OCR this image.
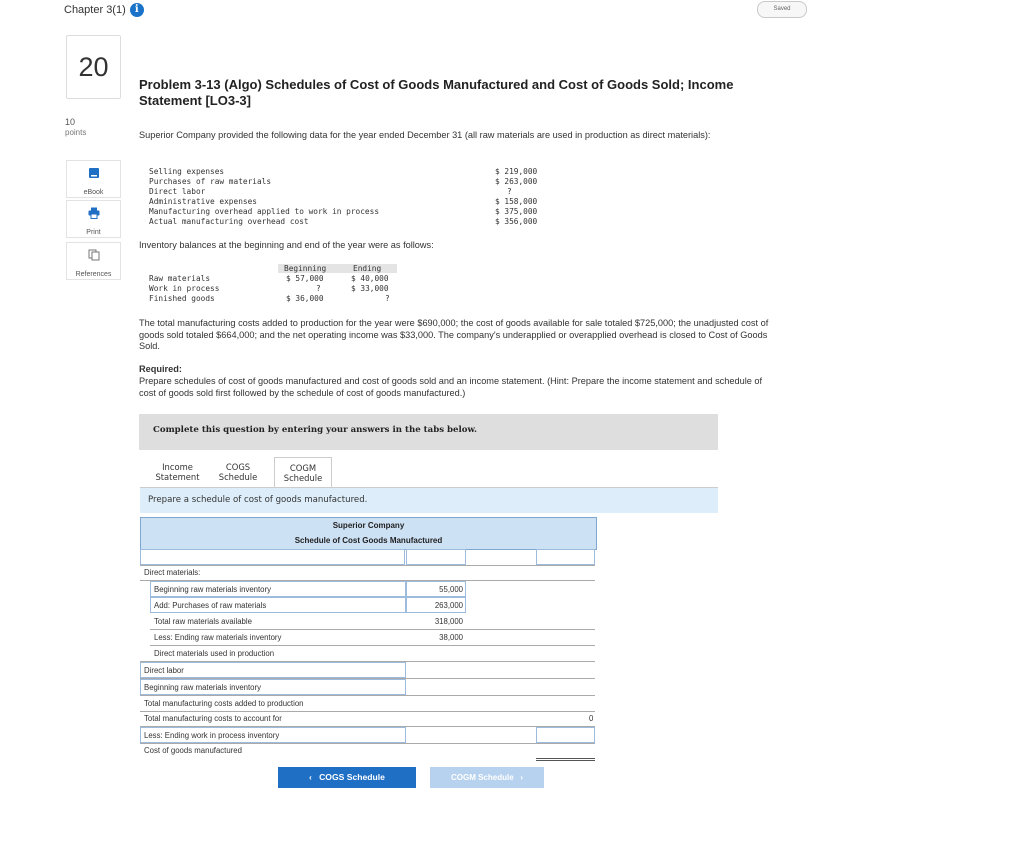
Chapter 3(1) i	Saved
20
10
points
eBook
Print
References
Problem 3-13 (Algo) Schedules of Cost of Goods Manufactured and Cost of Goods Sold; Income Statement [LO3-3]
Superior Company provided the following data for the year ended December 31 (all raw materials are used in production as direct materials):
Selling expenses	$ 219,000
Purchases of raw materials	$ 263,000
Direct labor	?
Administrative expenses	$ 158,000
Manufacturing overhead applied to work in process	$ 375,000
Actual manufacturing overhead cost	$ 356,000
Inventory balances at the beginning and end of the year were as follows:
Beginning	Ending
Raw materials	$ 57,000	$ 40,000
Work in process	?	$ 33,000
Finished goods	$ 36,000	?
The total manufacturing costs added to production for the year were $690,000; the cost of goods available for sale totaled $725,000; the unadjusted cost of goods sold totaled $664,000; and the net operating income was $33,000. The company's underapplied or overapplied overhead is closed to Cost of Goods Sold.
Required:
Prepare schedules of cost of goods manufactured and cost of goods sold and an income statement. (Hint: Prepare the income statement and schedule of cost of goods sold first followed by the schedule of cost of goods manufactured.)
Complete this question by entering your answers in the tabs below.
Income
Statement
COGS
Schedule
COGM
Schedule
Prepare a schedule of cost of goods manufactured.
Superior Company
Schedule of Cost Goods Manufactured
Direct materials:
Beginning raw materials inventory	55,000
Add: Purchases of raw materials	263,000
Total raw materials available	318,000
Less: Ending raw materials inventory	38,000
Direct materials used in production
Direct labor
Beginning raw materials inventory
Total manufacturing costs added to production
Total manufacturing costs to account for	0
Less: Ending work in process inventory
Cost of goods manufactured
‹ COGS Schedule	COGM Schedule ›
